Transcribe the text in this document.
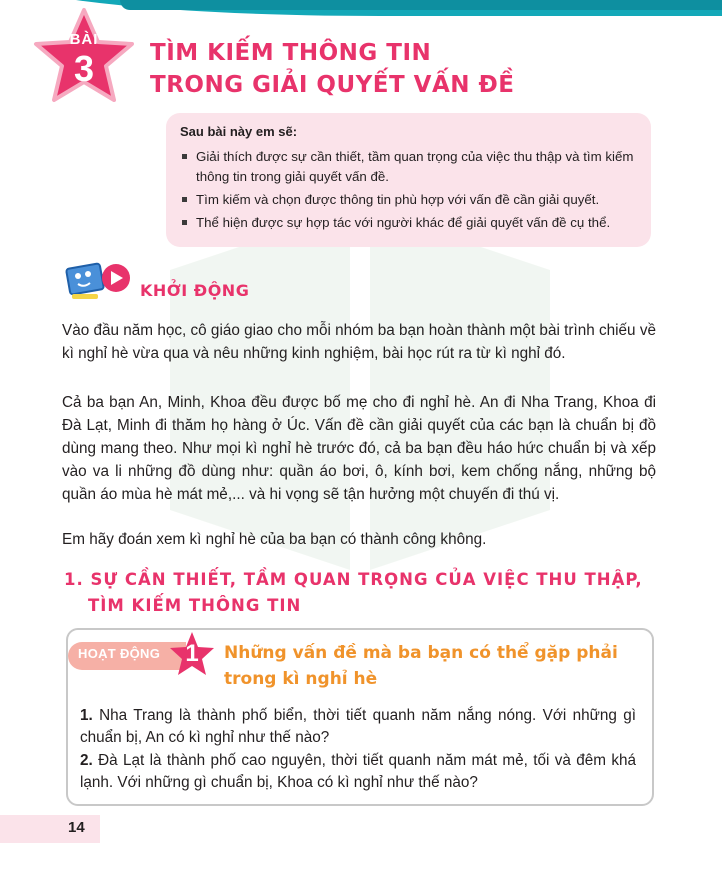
BÀI
3	TÌM KIẾM THÔNG TIN
TRONG GIẢI QUYẾT VẤN ĐỀ
Sau bài này em sẽ:
Giải thích được sự cần thiết, tầm quan trọng của việc thu thập và tìm kiếm thông tin trong giải quyết vấn đề.
Tìm kiếm và chọn được thông tin phù hợp với vấn đề cần giải quyết.
Thể hiện được sự hợp tác với người khác để giải quyết vấn đề cụ thể.
KHỞI ĐỘNG

Vào đầu năm học, cô giáo giao cho mỗi nhóm ba bạn hoàn thành một bài trình chiếu về kì nghỉ hè vừa qua và nêu những kinh nghiệm, bài học rút ra từ kì nghỉ đó.

Cả ba bạn An, Minh, Khoa đều được bố mẹ cho đi nghỉ hè. An đi Nha Trang, Khoa đi Đà Lạt, Minh đi thăm họ hàng ở Úc. Vấn đề cần giải quyết của các bạn là chuẩn bị đồ dùng mang theo. Như mọi kì nghỉ hè trước đó, cả ba bạn đều háo hức chuẩn bị và xếp vào va li những đồ dùng như: quần áo bơi, ô, kính bơi, kem chống nắng, những bộ quần áo mùa hè mát mẻ,... và hi vọng sẽ tận hưởng một chuyến đi thú vị.

Em hãy đoán xem kì nghỉ hè của ba bạn có thành công không.

1. SỰ CẦN THIẾT, TẦM QUAN TRỌNG CỦA VIỆC THU THẬP,
TÌM KIẾM THÔNG TIN
HOẠT ĐỘNG	1	Những vấn đề mà ba bạn có thể gặp phải
trong kì nghỉ hè

1. Nha Trang là thành phố biển, thời tiết quanh năm nắng nóng. Với những gì chuẩn bị, An có kì nghỉ như thế nào?

2. Đà Lạt là thành phố cao nguyên, thời tiết quanh năm mát mẻ, tối và đêm khá lạnh. Với những gì chuẩn bị, Khoa có kì nghỉ như thế nào?

14
